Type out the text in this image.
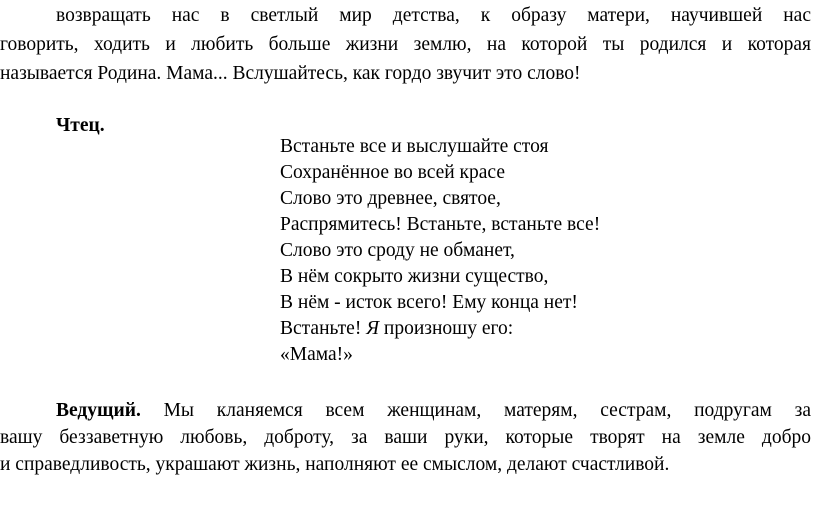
возвращать нас в светлый мир детства, к образу матери, научившей нас
говорить, ходить и любить больше жизни землю, на которой ты родился и которая
называется Родина. Мама... Вслушайтесь, как гордо звучит это слово!
Чтец.
Встаньте все и выслушайте стоя
Сохранённое во всей красе
Слово это древнее, святое,
Распрямитесь! Встаньте, встаньте все!
Слово это сроду не обманет,
В нём сокрыто жизни существо,
В нём - исток всего! Ему конца нет!
Встаньте! Я произношу его:
«Мама!»
Ведущий. Мы кланяемся всем женщинам, матерям, сестрам, подругам за
вашу беззаветную любовь, доброту, за ваши руки, которые творят на земле добро
и справедливость, украшают жизнь, наполняют ее смыслом, делают счастливой.
